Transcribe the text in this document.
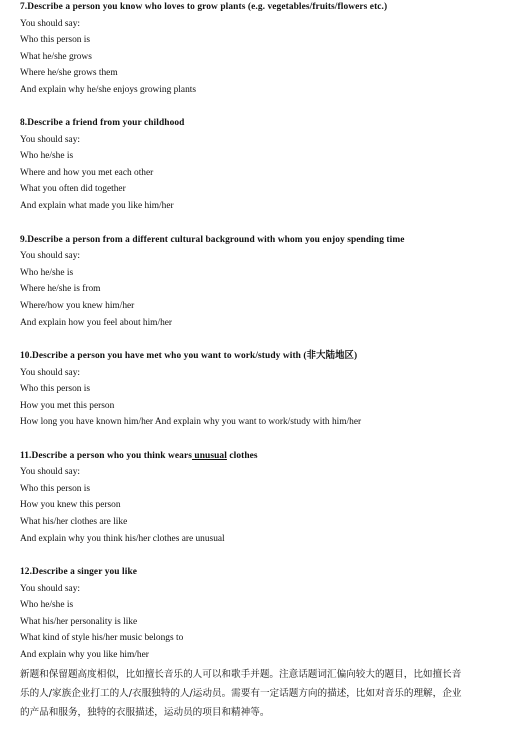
7.Describe a person you know who loves to grow plants (e.g. vegetables/fruits/flowers etc.)
You should say:
Who this person is
What he/she grows
Where he/she grows them
And explain why he/she enjoys growing plants
8.Describe a friend from your childhood
You should say:
Who he/she is
Where and how you met each other
What you often did together
And explain what made you like him/her
9.Describe a person from a different cultural background with whom you enjoy spending time
You should say:
Who he/she is
Where he/she is from
Where/how you knew him/her
And explain how you feel about him/her
10.Describe a person you have met who you want to work/study with (非大陆地区)
You should say:
Who this person is
How you met this person
How long you have known him/her And explain why you want to work/study with him/her
11.Describe a person who you think wears unusual clothes
You should say:
Who this person is
How you knew this person
What his/her clothes are like
And explain why you think his/her clothes are unusual
12.Describe a singer you like
You should say:
Who he/she is
What his/her personality is like
What kind of style his/her music belongs to
And explain why you like him/her
新题和保留题高度相似，比如擅长音乐的人可以和歌手并题。注意话题词汇偏向较大的题目，比如擅长音
乐的人/家族企业打工的人/衣服独特的人/运动员。需要有一定话题方向的描述，比如对音乐的理解，企业
的产品和服务，独特的衣服描述，运动员的项目和精神等。
